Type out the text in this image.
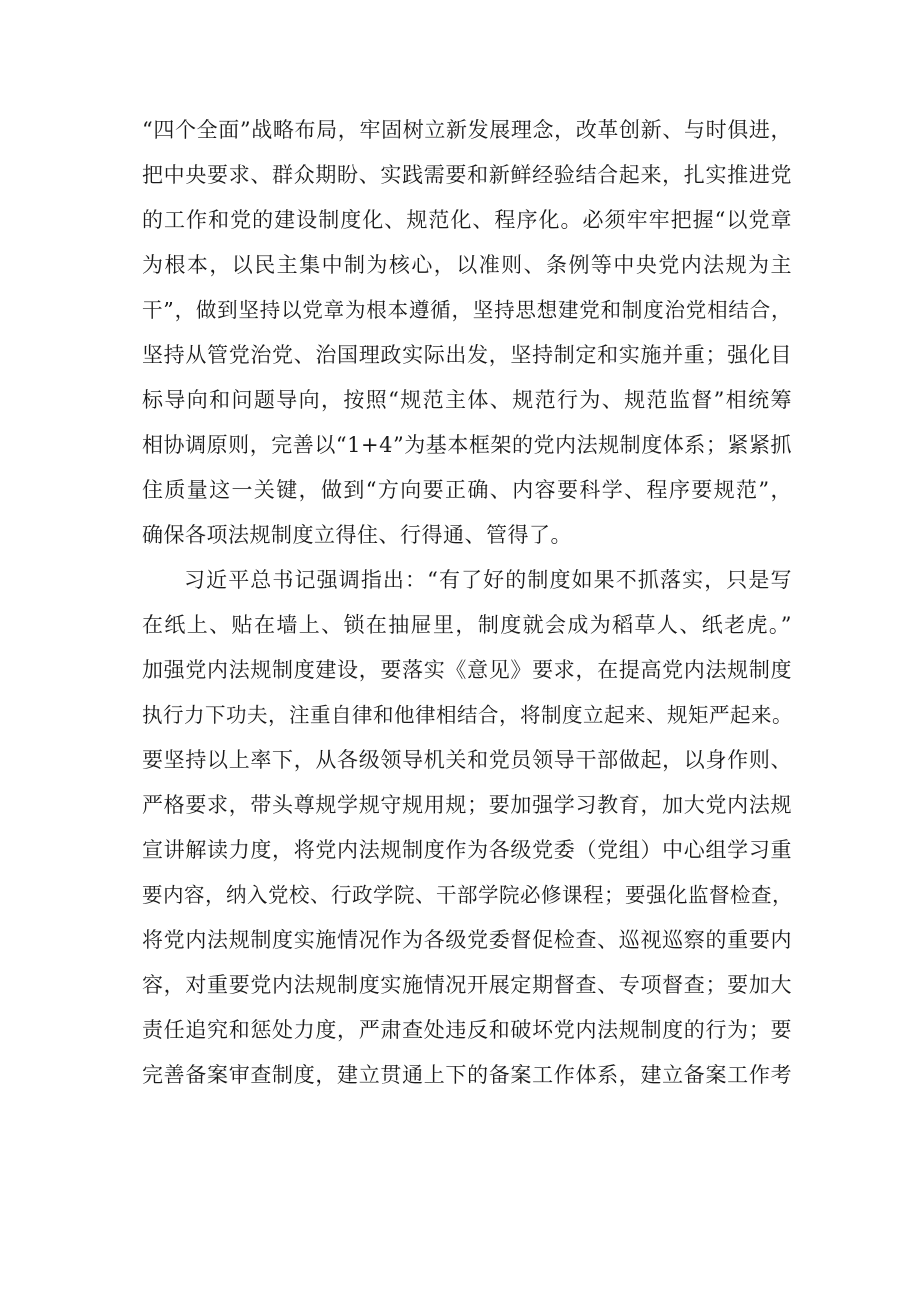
“四个全面”战略布局，牢固树立新发展理念，改革创新、与时俱进，
把中央要求、群众期盼、实践需要和新鲜经验结合起来，扎实推进党
的工作和党的建设制度化、规范化、程序化。必须牢牢把握“以党章
为根本，以民主集中制为核心，以准则、条例等中央党内法规为主
干”，做到坚持以党章为根本遵循，坚持思想建党和制度治党相结合，
坚持从管党治党、治国理政实际出发，坚持制定和实施并重；强化目
标导向和问题导向，按照“规范主体、规范行为、规范监督”相统筹
相协调原则，完善以“1+4”为基本框架的党内法规制度体系；紧紧抓
住质量这一关键，做到“方向要正确、内容要科学、程序要规范”，
确保各项法规制度立得住、行得通、管得了。
习近平总书记强调指出：“有了好的制度如果不抓落实，只是写
在纸上、贴在墙上、锁在抽屉里，制度就会成为稻草人、纸老虎。”
加强党内法规制度建设，要落实《意见》要求，在提高党内法规制度
执行力下功夫，注重自律和他律相结合，将制度立起来、规矩严起来。
要坚持以上率下，从各级领导机关和党员领导干部做起，以身作则、
严格要求，带头尊规学规守规用规；要加强学习教育，加大党内法规
宣讲解读力度，将党内法规制度作为各级党委（党组）中心组学习重
要内容，纳入党校、行政学院、干部学院必修课程；要强化监督检查，
将党内法规制度实施情况作为各级党委督促检查、巡视巡察的重要内
容，对重要党内法规制度实施情况开展定期督查、专项督查；要加大
责任追究和惩处力度，严肃查处违反和破坏党内法规制度的行为；要
完善备案审查制度，建立贯通上下的备案工作体系，建立备案工作考
